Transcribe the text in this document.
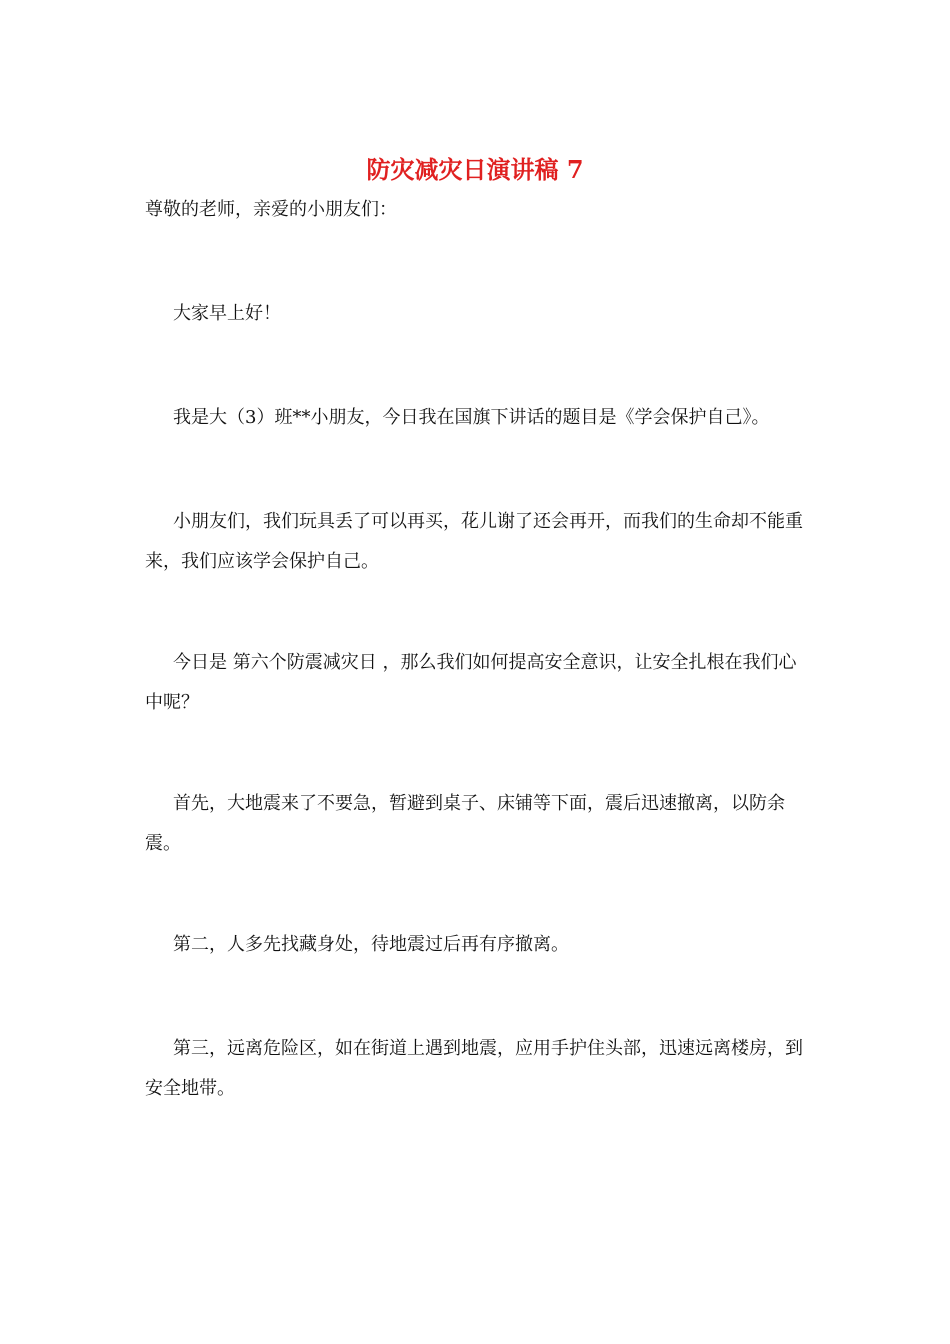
防灾减灾日演讲稿 7

尊敬的老师，亲爱的小朋友们：

大家早上好！

我是大（3）班**小朋友，今日我在国旗下讲话的题目是《学会保护自己》。

小朋友们，我们玩具丢了可以再买，花儿谢了还会再开，而我们的生命却不能重来，我们应该学会保护自己。

今日是 第六个防震减灾日 ，那么我们如何提高安全意识，让安全扎根在我们心中呢？

首先，大地震来了不要急，暂避到桌子、床铺等下面，震后迅速撤离，以防余震。

第二，人多先找藏身处，待地震过后再有序撤离。

第三，远离危险区，如在街道上遇到地震，应用手护住头部，迅速远离楼房，到安全地带。
